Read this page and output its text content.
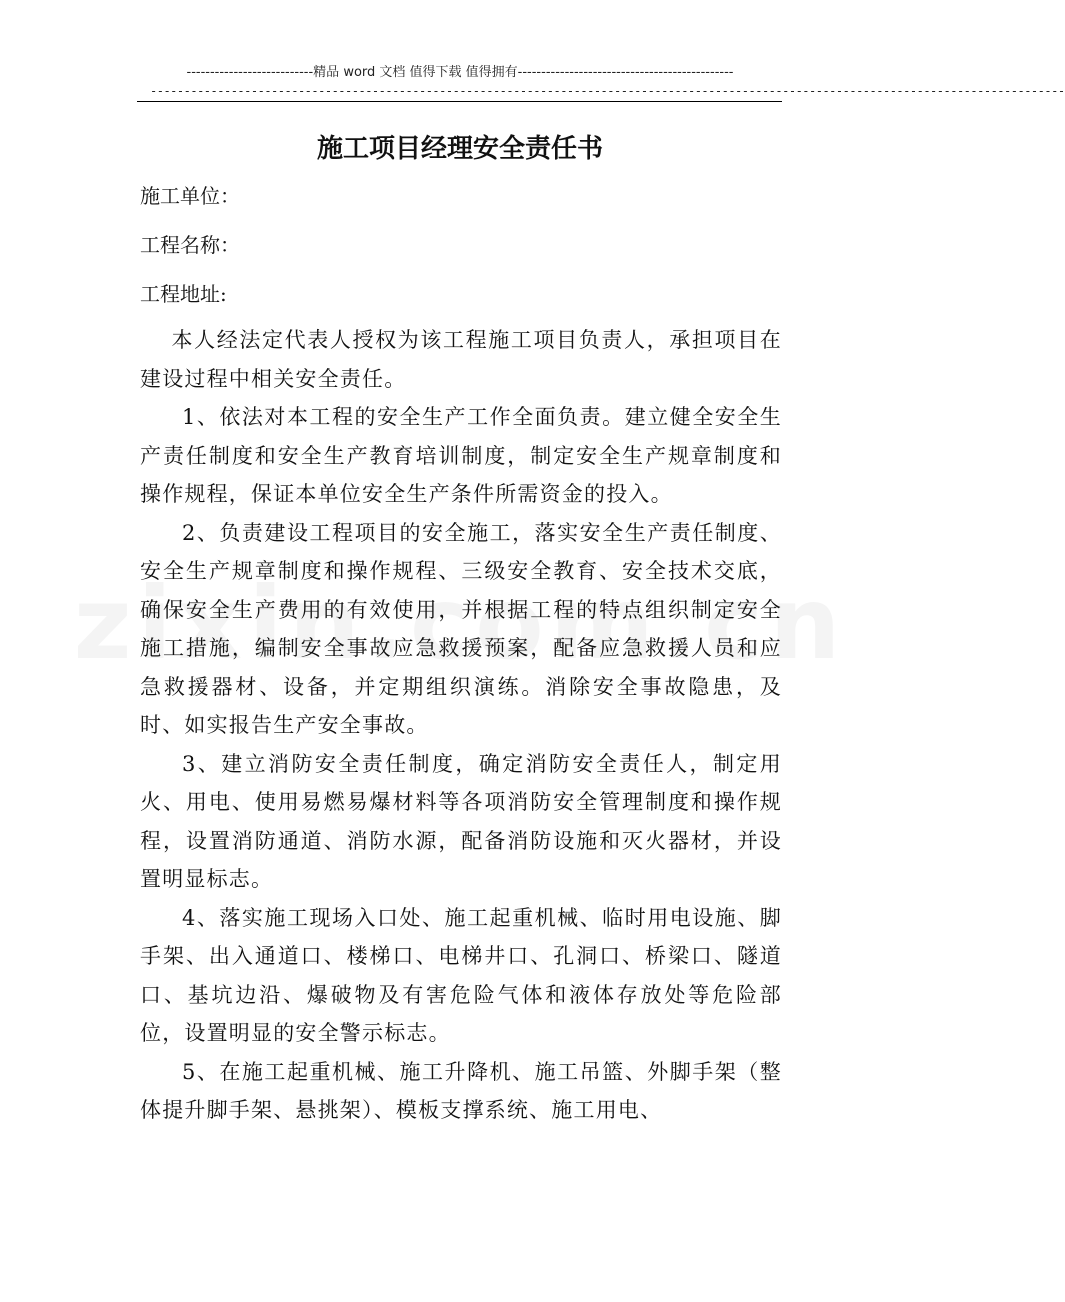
---------------------------精品 word 文档 值得下载 值得拥有----------------------------------------------
----------------------------------------------------------------------------------------------------------------------------------------
施工项目经理安全责任书
施工单位：
工程名称：
工程地址:

本人经法定代表人授权为该工程施工项目负责人，承担项目在建设过程中相关安全责任。

1、依法对本工程的安全生产工作全面负责。建立健全安全生产责任制度和安全生产教育培训制度，制定安全生产规章制度和操作规程，保证本单位安全生产条件所需资金的投入。

2、负责建设工程项目的安全施工，落实安全生产责任制度、安全生产规章制度和操作规程、三级安全教育、安全技术交底，确保安全生产费用的有效使用，并根据工程的特点组织制定安全施工措施，编制安全事故应急救援预案，配备应急救援人员和应急救援器材、设备，并定期组织演练。消除安全事故隐患，及时、如实报告生产安全事故。

3、建立消防安全责任制度，确定消防安全责任人，制定用火、用电、使用易燃易爆材料等各项消防安全管理制度和操作规程，设置消防通道、消防水源，配备消防设施和灭火器材，并设置明显标志。

4、落实施工现场入口处、施工起重机械、临时用电设施、脚手架、出入通道口、楼梯口、电梯井口、孔洞口、桥梁口、隧道口、基坑边沿、爆破物及有害危险气体和液体存放处等危险部位，设置明显的安全警示标志。

5、在施工起重机械、施工升降机、施工吊篮、外脚手架（整体提升脚手架、悬挑架）、模板支撑系统、施工用电、
